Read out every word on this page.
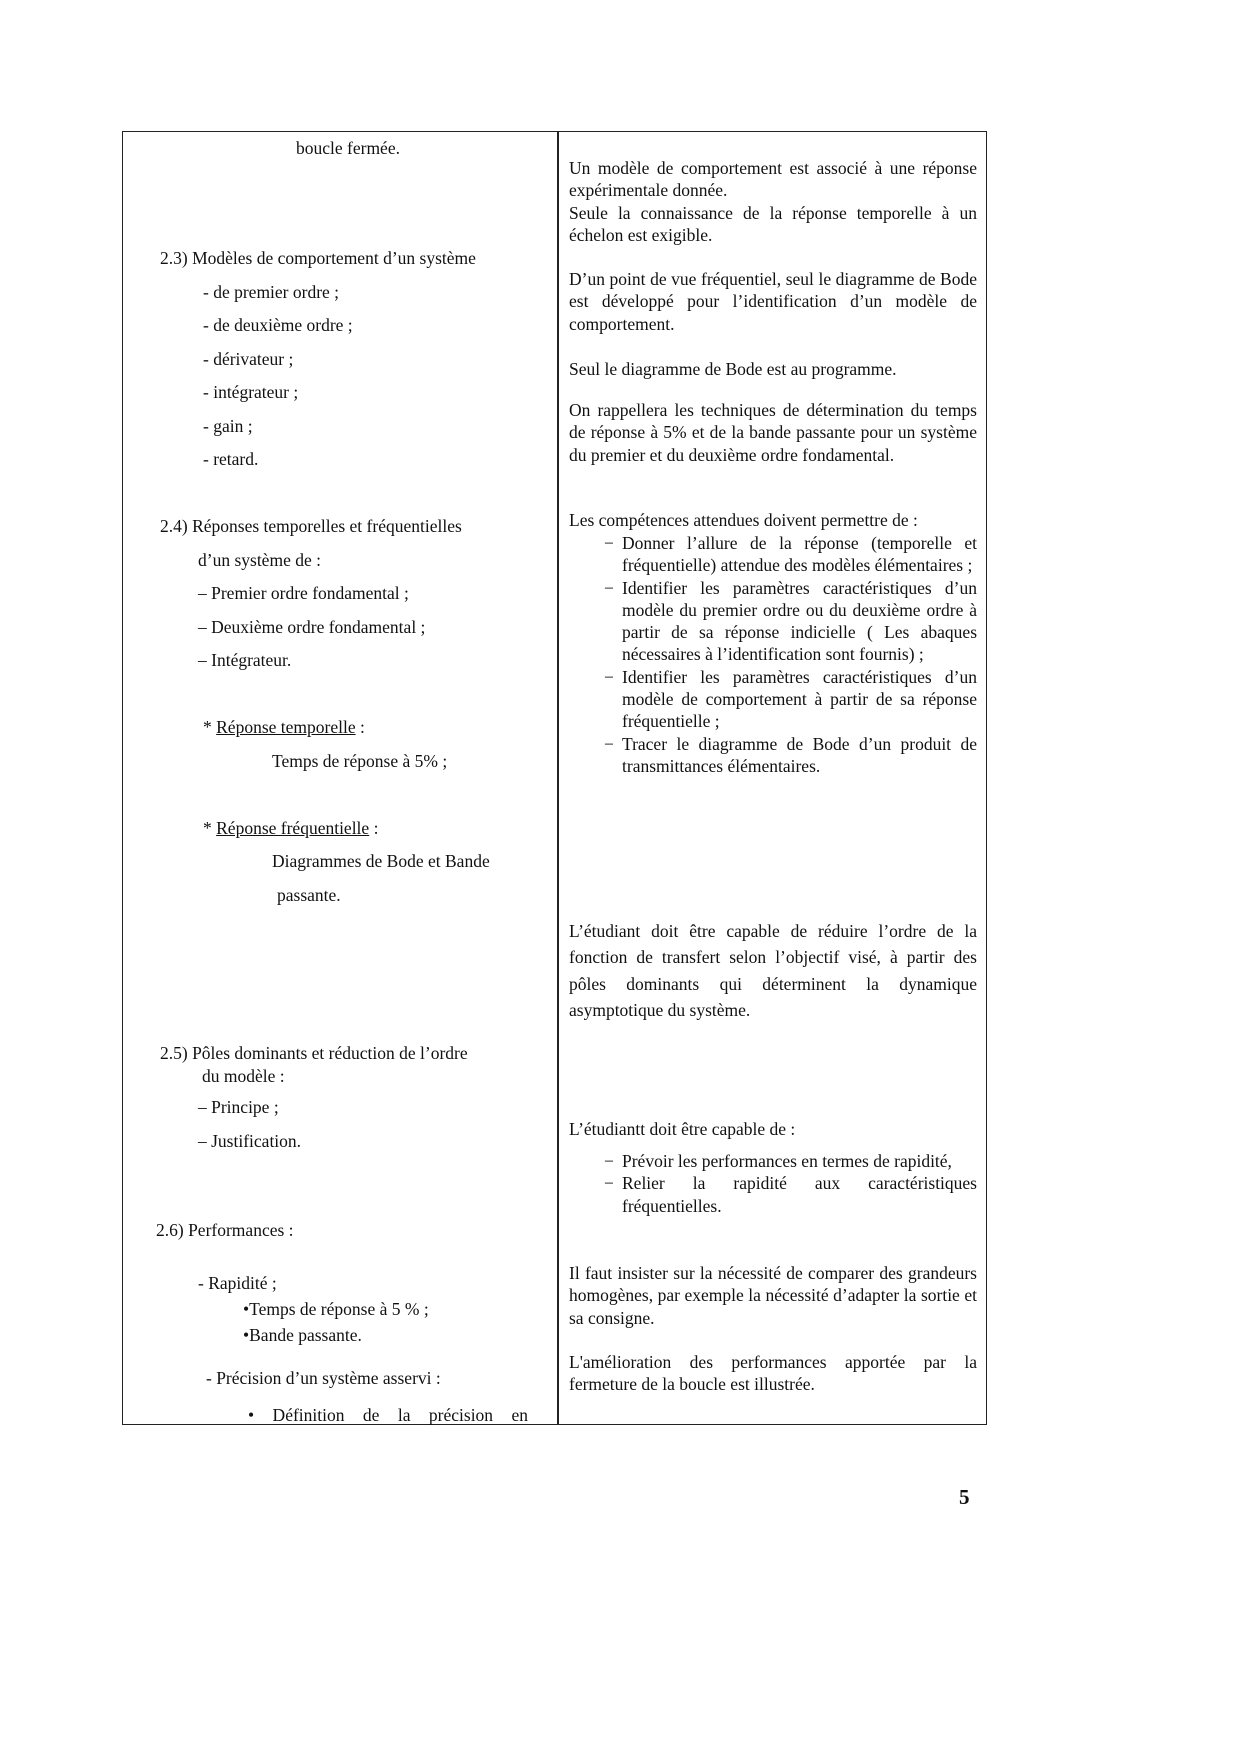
boucle fermée.
2.3) Modèles de comportement d’un système
- de premier ordre ;
- de deuxième ordre ;
- dérivateur ;
- intégrateur ;
- gain ;
- retard.
2.4) Réponses temporelles et fréquentielles
d’un système de :
– Premier ordre fondamental ;
– Deuxième ordre fondamental ;
– Intégrateur.
* Réponse temporelle :
Temps de réponse à 5% ;
* Réponse fréquentielle :
Diagrammes de Bode et Bande
passante.
2.5) Pôles dominants et réduction de l’ordre
du modèle :
– Principe ;
– Justification.
2.6) Performances :
- Rapidité ;
•Temps de réponse à 5 % ;
•Bande passante.
- Précision d’un système asservi :
• Définition de la précision en

Un modèle de comportement est associé à une réponse expérimentale donnée.

Seule la connaissance de la réponse temporelle à un échelon est exigible.

D’un point de vue fréquentiel, seul le diagramme de Bode est développé pour l’identification d’un modèle de comportement.
Seul le diagramme de Bode est au programme.
On rappellera les techniques de détermination du temps de réponse à 5% et de la bande passante pour un système du premier et du deuxième ordre fondamental.
Les compétences attendues doivent permettre de :
− Donner l’allure de la réponse (temporelle et fréquentielle) attendue des modèles élémentaires ;
− Identifier les paramètres caractéristiques d’un modèle du premier ordre ou du deuxième ordre à partir de sa réponse indicielle ( Les abaques nécessaires à l’identification sont fournis) ;
− Identifier les paramètres caractéristiques d’un modèle de comportement à partir de sa réponse fréquentielle ;
− Tracer le diagramme de Bode d’un produit de transmittances élémentaires.
L’étudiant doit être capable de réduire l’ordre de la fonction de transfert selon l’objectif visé, à partir des pôles dominants qui déterminent la dynamique asymptotique du système.
L’étudiantt doit être capable de :
− Prévoir les performances en termes de rapidité,
− Relier la rapidité aux caractéristiques fréquentielles.
Il faut insister sur la nécessité de comparer des grandeurs homogènes, par exemple la nécessité d’adapter la sortie et sa consigne.
L'amélioration des performances apportée par la fermeture de la boucle est illustrée.
5
